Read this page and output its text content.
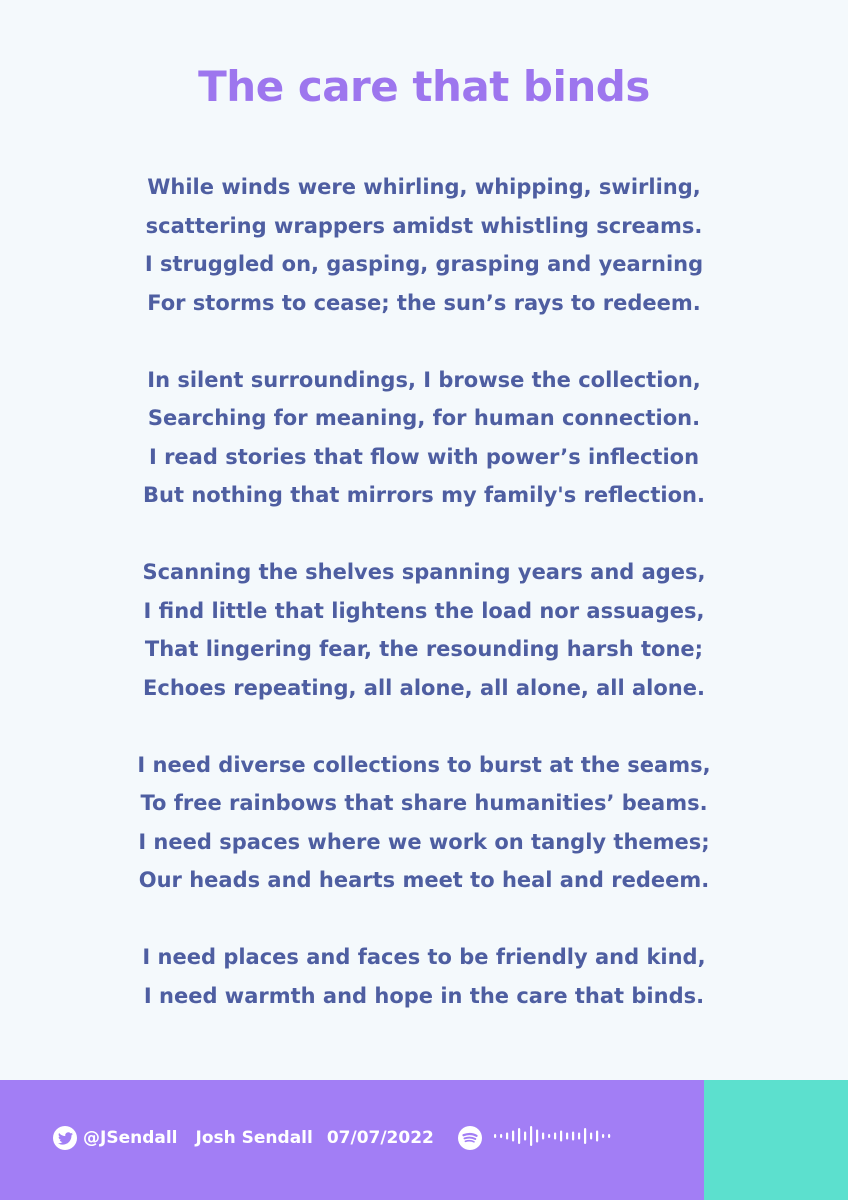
The care that binds
While winds were whirling, whipping, swirling,
scattering wrappers amidst whistling screams.
I struggled on, gasping, grasping and yearning
For storms to cease; the sun’s rays to redeem.
In silent surroundings, I browse the collection,
Searching for meaning, for human connection.
I read stories that flow with power’s inflection
But nothing that mirrors my family's reflection.
Scanning the shelves spanning years and ages,
I find little that lightens the load nor assuages,
That lingering fear, the resounding harsh tone;
Echoes repeating, all alone, all alone, all alone.
I need diverse collections to burst at the seams,
To free rainbows that share humanities’ beams.
I need spaces where we work on tangly themes;
Our heads and hearts meet to heal and redeem.
I need places and faces to be friendly and kind,
I need warmth and hope in the care that binds.
@JSendall Josh Sendall 07/07/2022
